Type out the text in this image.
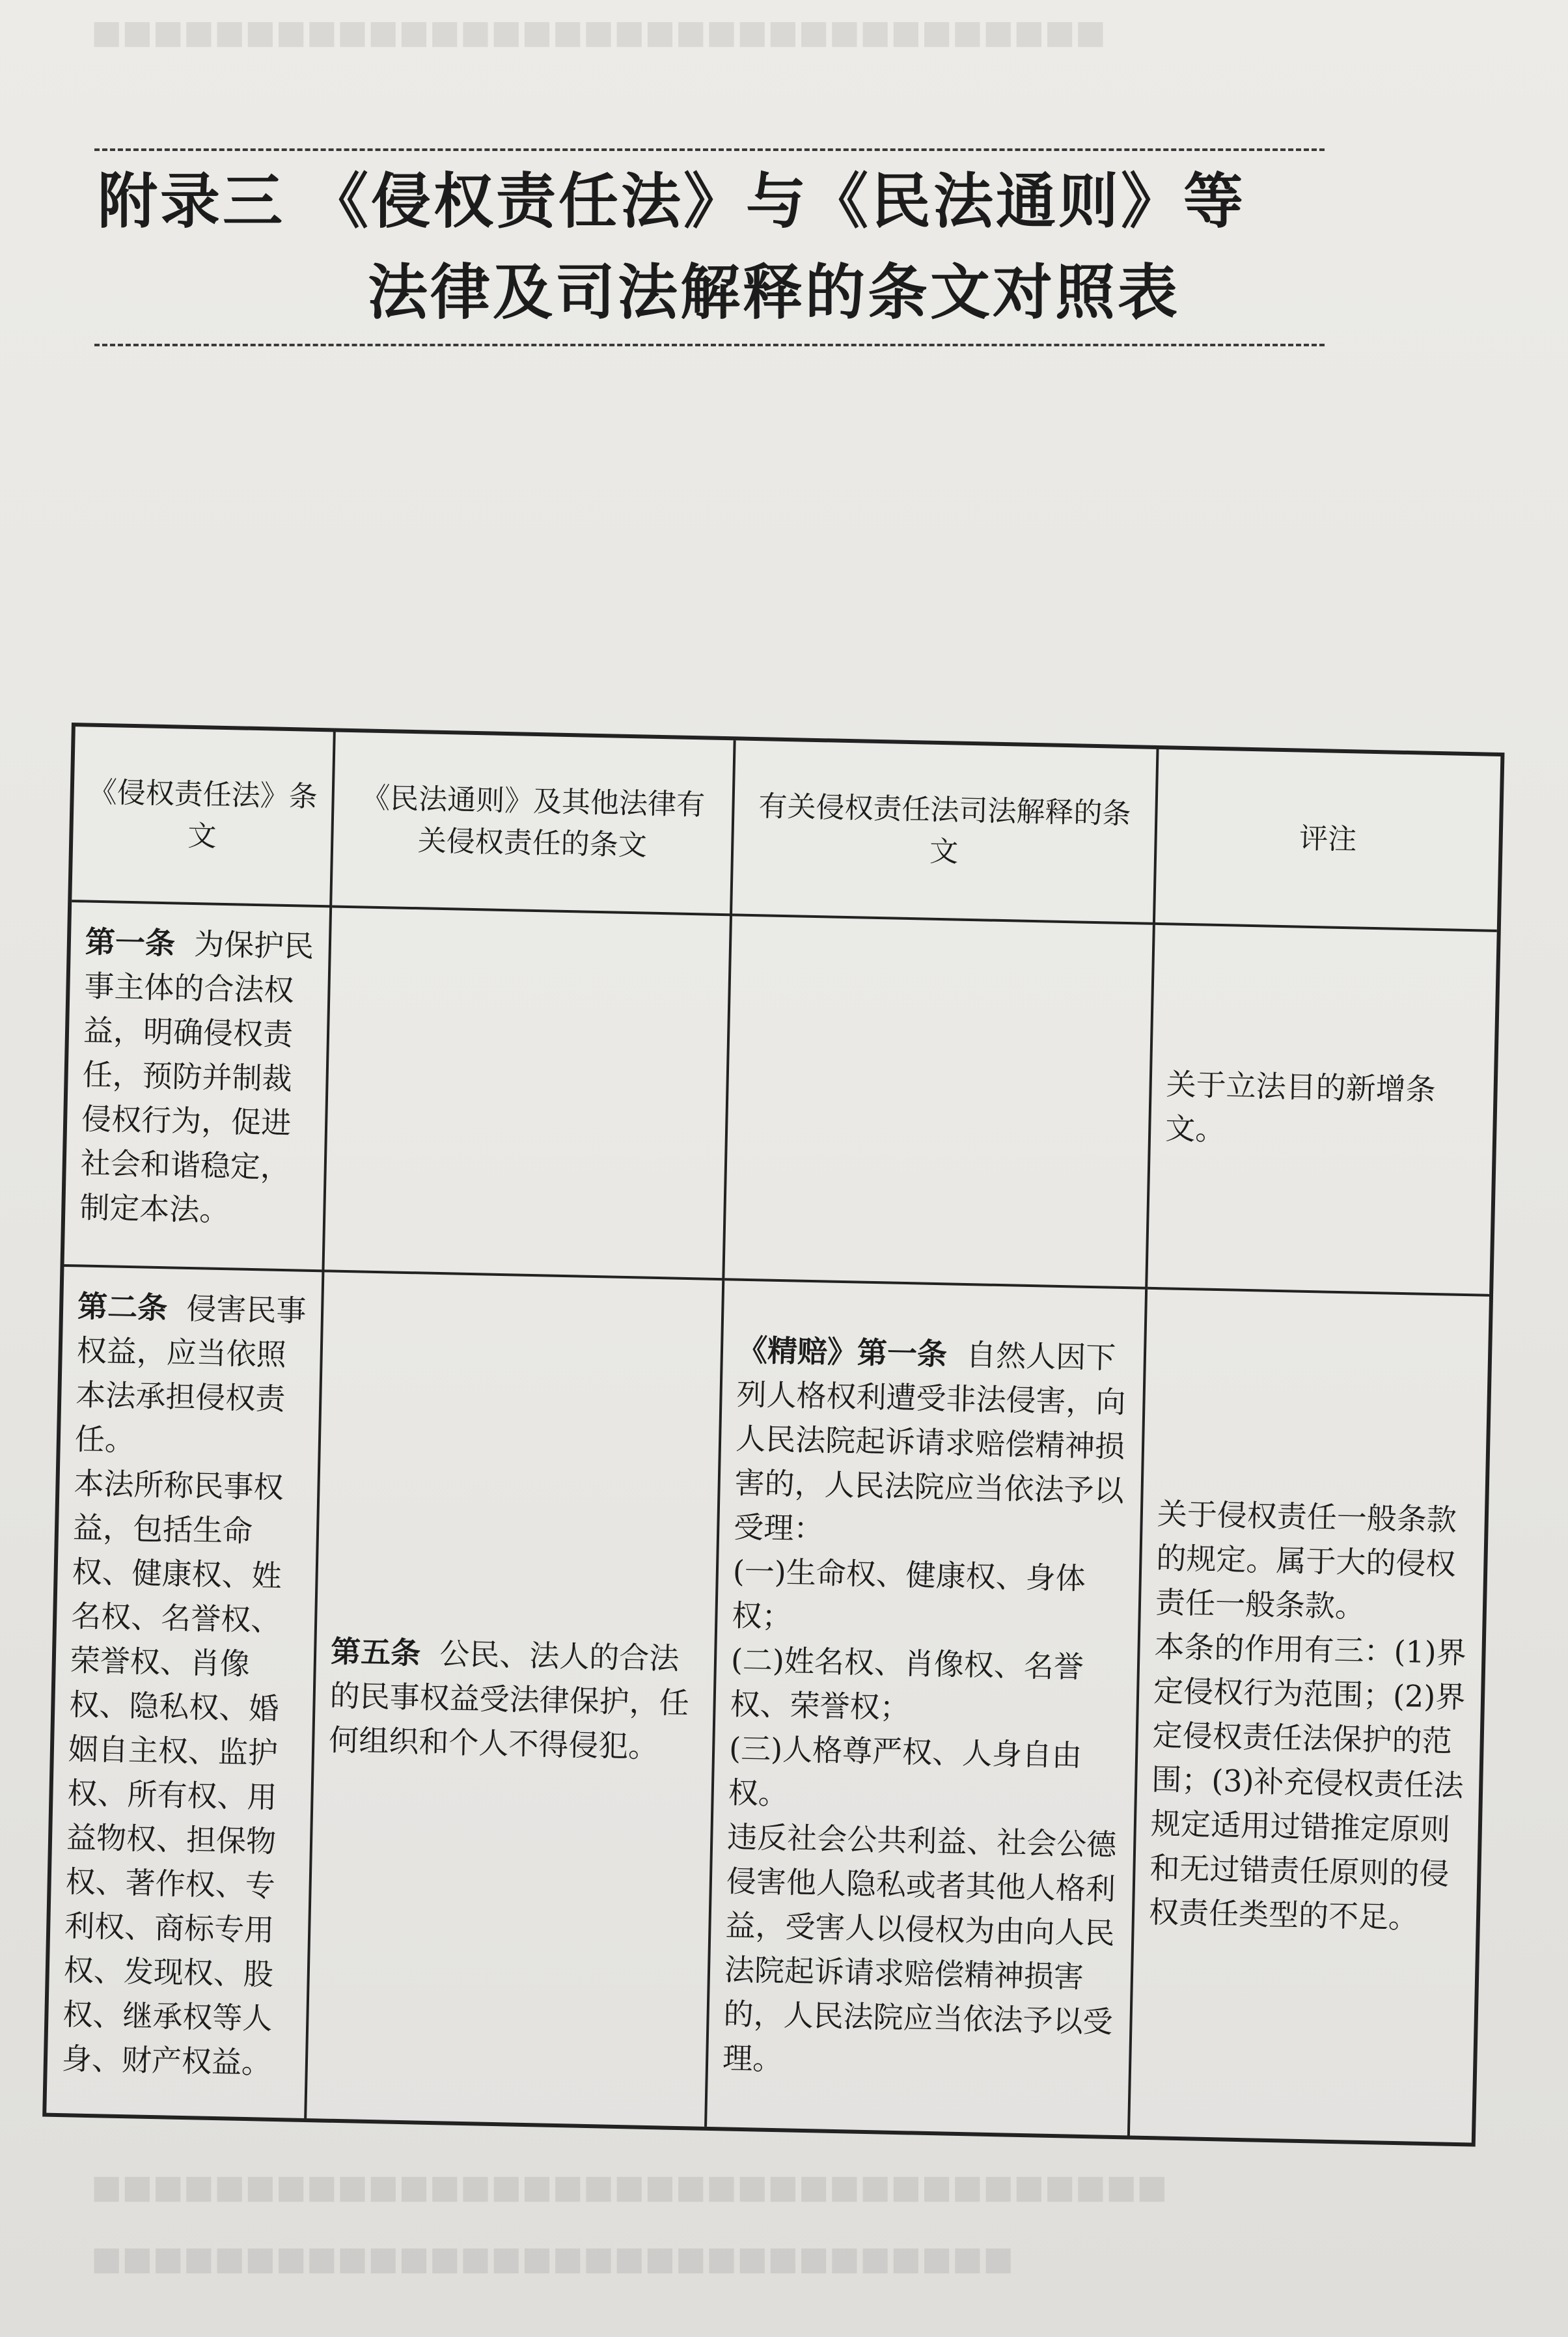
■■■■■■■■■■■■■■■■■■■■■■■■■■■■■■■■■
附录三 《侵权责任法》与《民法通则》等
法律及司法解释的条文对照表
《侵权责任法》条文
《民法通则》及其他法律有关侵权责任的条文
有关侵权责任法司法解释的条文	评注
第一条 为保护民事主体的合法权益，明确侵权责任，预防并制裁侵权行为，促进社会和谐稳定，制定本法。
关于立法目的新增条文。
第二条 侵害民事权益，应当依照本法承担侵权责任。
本法所称民事权益，包括生命权、健康权、姓名权、名誉权、荣誉权、肖像权、隐私权、婚姻自主权、监护权、所有权、用益物权、担保物权、著作权、专利权、商标专用权、发现权、股权、继承权等人身、财产权益。
第五条 公民、法人的合法的民事权益受法律保护，任何组织和个人不得侵犯。
《精赔》第一条 自然人因下列人格权利遭受非法侵害，向人民法院起诉请求赔偿精神损害的，人民法院应当依法予以受理：
(一)生命权、健康权、身体权；
(二)姓名权、肖像权、名誉权、荣誉权；
(三)人格尊严权、人身自由权。
违反社会公共利益、社会公德侵害他人隐私或者其他人格利益，受害人以侵权为由向人民法院起诉请求赔偿精神损害的，人民法院应当依法予以受理。
关于侵权责任一般条款的规定。属于大的侵权责任一般条款。
本条的作用有三：(1)界定侵权行为范围；(2)界定侵权责任法保护的范围；(3)补充侵权责任法规定适用过错推定原则和无过错责任原则的侵权责任类型的不足。
■■■■■■■■■■■■■■■■■■■■■■■■■■■■■■■■■■■
■■■■■■■■■■■■■■■■■■■■■■■■■■■■■■
